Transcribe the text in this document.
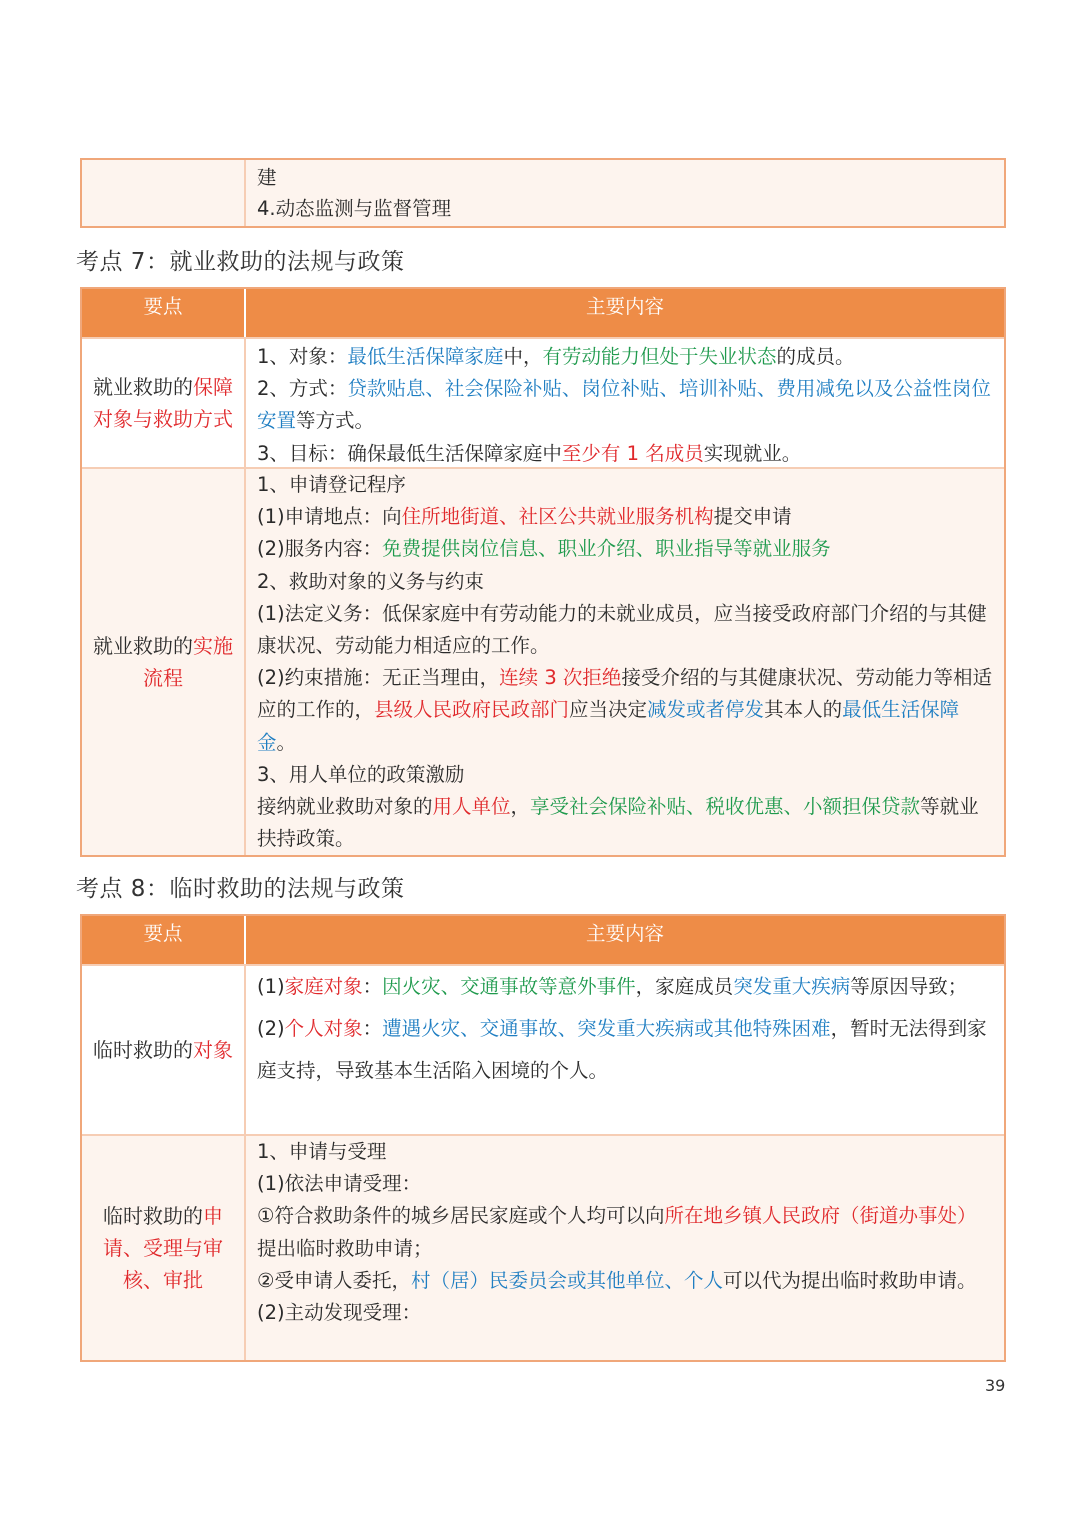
建

4.动态监测与监督管理

考点 7：就业救助的法规与政策
要点	主要内容
就业救助的保障对象与救助方式

1、对象：最低生活保障家庭中，有劳动能力但处于失业状态的成员。

2、方式：贷款贴息、社会保险补贴、岗位补贴、培训补贴、费用减免以及公益性岗位安置等方式。

3、目标：确保最低生活保障家庭中至少有 1 名成员实现就业。

就业救助的实施流程

1、申请登记程序

(1)申请地点：向住所地街道、社区公共就业服务机构提交申请

(2)服务内容：免费提供岗位信息、职业介绍、职业指导等就业服务

2、救助对象的义务与约束

(1)法定义务：低保家庭中有劳动能力的未就业成员，应当接受政府部门介绍的与其健康状况、劳动能力相适应的工作。

(2)约束措施：无正当理由，连续 3 次拒绝接受介绍的与其健康状况、劳动能力等相适应的工作的，县级人民政府民政部门应当决定减发或者停发其本人的最低生活保障金。

3、用人单位的政策激励

接纳就业救助对象的用人单位，享受社会保险补贴、税收优惠、小额担保贷款等就业扶持政策。

考点 8：临时救助的法规与政策
要点	主要内容
临时救助的对象

(1)家庭对象：因火灾、交通事故等意外事件，家庭成员突发重大疾病等原因导致；

(2)个人对象：遭遇火灾、交通事故、突发重大疾病或其他特殊困难，暂时无法得到家庭支持，导致基本生活陷入困境的个人。

临时救助的申请、受理与审核、审批

1、申请与受理

(1)依法申请受理：

①符合救助条件的城乡居民家庭或个人均可以向所在地乡镇人民政府（街道办事处）提出临时救助申请；

②受申请人委托，村（居）民委员会或其他单位、个人可以代为提出临时救助申请。

(2)主动发现受理：

39
